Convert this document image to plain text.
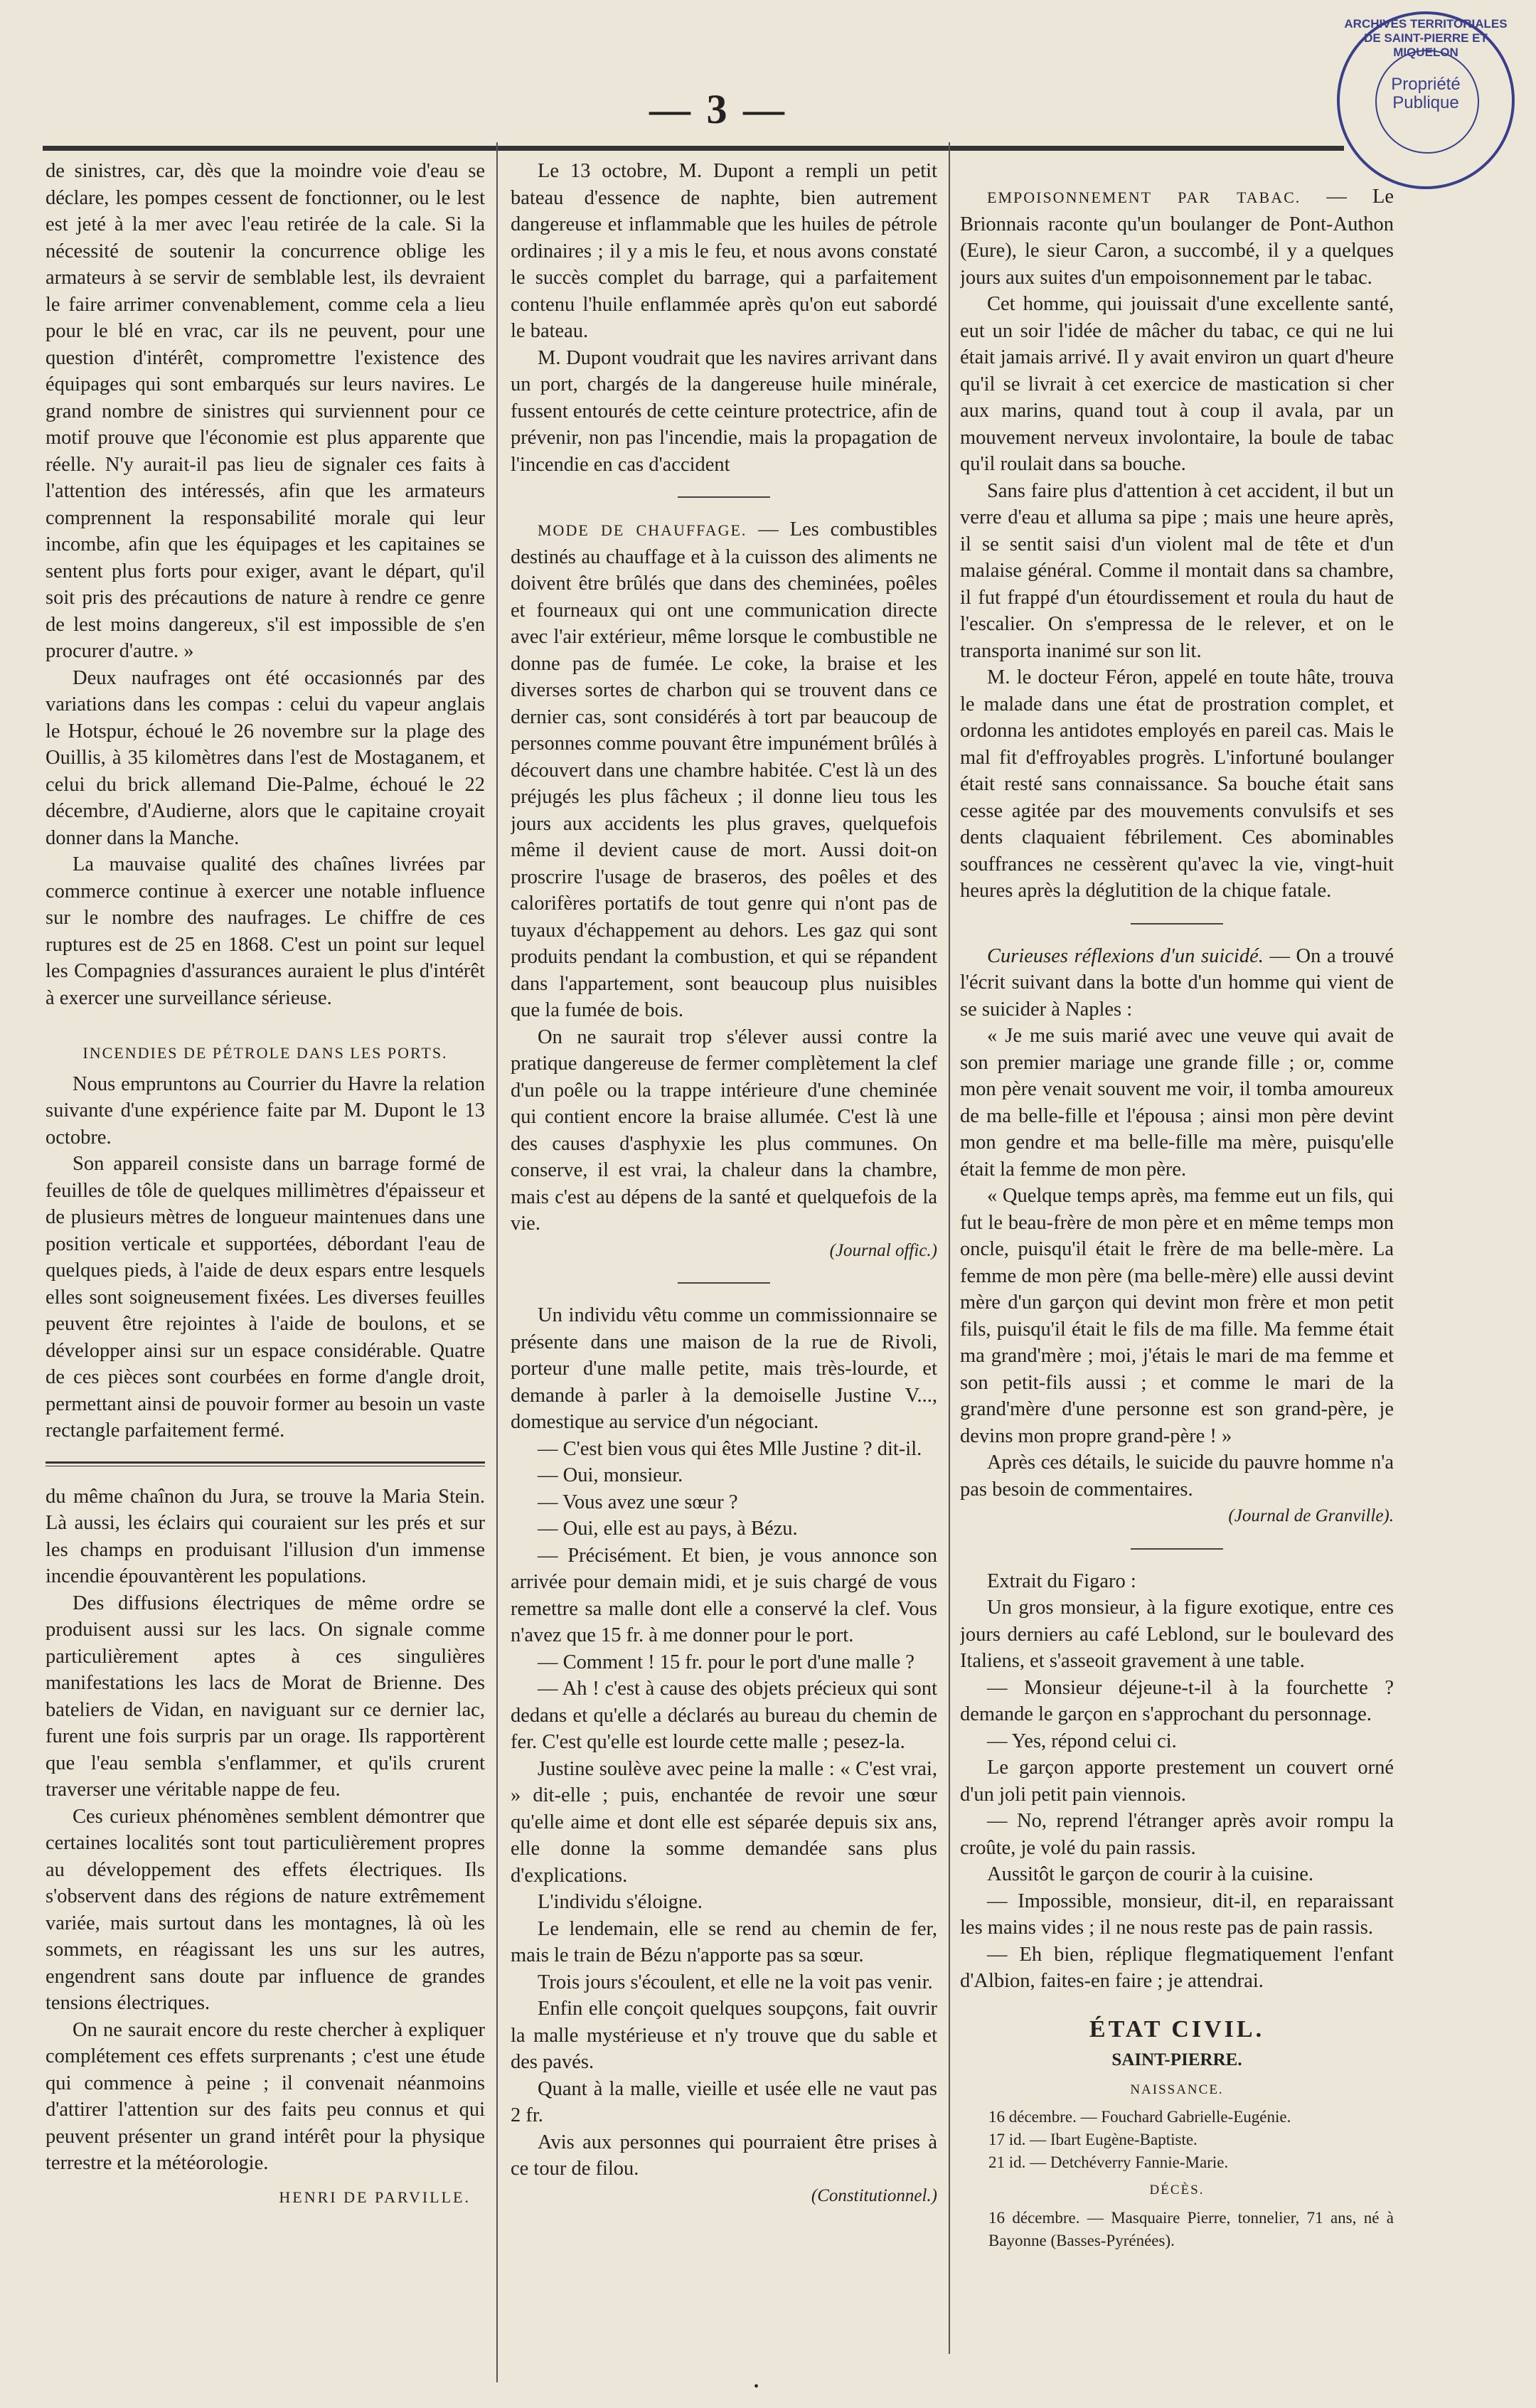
— 3 —
ARCHIVES TERRITORIALES DE SAINT-PIERRE ET MIQUELON
Propriété Publique

de sinistres, car, dès que la moindre voie d'eau se déclare, les pompes cessent de fonctionner, ou le lest est jeté à la mer avec l'eau retirée de la cale. Si la nécessité de soutenir la concurrence oblige les armateurs à se servir de semblable lest, ils devraient le faire arrimer convenablement, comme cela a lieu pour le blé en vrac, car ils ne peuvent, pour une question d'intérêt, compromettre l'existence des équipages qui sont embarqués sur leurs navires. Le grand nombre de sinistres qui surviennent pour ce motif prouve que l'économie est plus apparente que réelle. N'y aurait-il pas lieu de signaler ces faits à l'attention des intéressés, afin que les armateurs comprennent la responsabilité morale qui leur incombe, afin que les équipages et les capitaines se sentent plus forts pour exiger, avant le départ, qu'il soit pris des précautions de nature à rendre ce genre de lest moins dangereux, s'il est impossible de s'en procurer d'autre. »

Deux naufrages ont été occasionnés par des variations dans les compas : celui du vapeur anglais le Hotspur, échoué le 26 novembre sur la plage des Ouillis, à 35 kilomètres dans l'est de Mostaganem, et celui du brick allemand Die-Palme, échoué le 22 décembre, d'Audierne, alors que le capitaine croyait donner dans la Manche.

La mauvaise qualité des chaînes livrées par commerce continue à exercer une notable influence sur le nombre des naufrages. Le chiffre de ces ruptures est de 25 en 1868. C'est un point sur lequel les Compagnies d'assurances auraient le plus d'intérêt à exercer une surveillance sérieuse.

INCENDIES DE PÉTROLE DANS LES PORTS.

Nous empruntons au Courrier du Havre la relation suivante d'une expérience faite par M. Dupont le 13 octobre.

Son appareil consiste dans un barrage formé de feuilles de tôle de quelques millimètres d'épaisseur et de plusieurs mètres de longueur maintenues dans une position verticale et supportées, débordant l'eau de quelques pieds, à l'aide de deux espars entre lesquels elles sont soigneusement fixées. Les diverses feuilles peuvent être rejointes à l'aide de boulons, et se développer ainsi sur un espace considérable. Quatre de ces pièces sont courbées en forme d'angle droit, permettant ainsi de pouvoir former au besoin un vaste rectangle parfaitement fermé.

du même chaînon du Jura, se trouve la Maria Stein. Là aussi, les éclairs qui couraient sur les prés et sur les champs en produisant l'illusion d'un immense incendie épouvantèrent les populations.

Des diffusions électriques de même ordre se produisent aussi sur les lacs. On signale comme particulièrement aptes à ces singulières manifestations les lacs de Morat de Brienne. Des bateliers de Vidan, en naviguant sur ce dernier lac, furent une fois surpris par un orage. Ils rapportèrent que l'eau sembla s'enflammer, et qu'ils crurent traverser une véritable nappe de feu.

Ces curieux phénomènes semblent démontrer que certaines localités sont tout particulièrement propres au développement des effets électriques. Ils s'observent dans des régions de nature extrêmement variée, mais surtout dans les montagnes, là où les sommets, en réagissant les uns sur les autres, engendrent sans doute par influence de grandes tensions électriques.

On ne saurait encore du reste chercher à expliquer complétement ces effets surprenants ; c'est une étude qui commence à peine ; il convenait néanmoins d'attirer l'attention sur des faits peu connus et qui peuvent présenter un grand intérêt pour la physique terrestre et la météorologie.

HENRI DE PARVILLE.

Le 13 octobre, M. Dupont a rempli un petit bateau d'essence de naphte, bien autrement dangereuse et inflammable que les huiles de pétrole ordinaires ; il y a mis le feu, et nous avons constaté le succès complet du barrage, qui a parfaitement contenu l'huile enflammée après qu'on eut sabordé le bateau.

M. Dupont voudrait que les navires arrivant dans un port, chargés de la dangereuse huile minérale, fussent entourés de cette ceinture protectrice, afin de prévenir, non pas l'incendie, mais la propagation de l'incendie en cas d'accident

MODE DE CHAUFFAGE. — Les combustibles destinés au chauffage et à la cuisson des aliments ne doivent être brûlés que dans des cheminées, poêles et fourneaux qui ont une communication directe avec l'air extérieur, même lorsque le combustible ne donne pas de fumée. Le coke, la braise et les diverses sortes de charbon qui se trouvent dans ce dernier cas, sont considérés à tort par beaucoup de personnes comme pouvant être impunément brûlés à découvert dans une chambre habitée. C'est là un des préjugés les plus fâcheux ; il donne lieu tous les jours aux accidents les plus graves, quelquefois même il devient cause de mort. Aussi doit-on proscrire l'usage de braseros, des poêles et des calorifères portatifs de tout genre qui n'ont pas de tuyaux d'échappement au dehors. Les gaz qui sont produits pendant la combustion, et qui se répandent dans l'appartement, sont beaucoup plus nuisibles que la fumée de bois.

On ne saurait trop s'élever aussi contre la pratique dangereuse de fermer complètement la clef d'un poêle ou la trappe intérieure d'une cheminée qui contient encore la braise allumée. C'est là une des causes d'asphyxie les plus communes. On conserve, il est vrai, la chaleur dans la chambre, mais c'est au dépens de la santé et quelquefois de la vie.

(Journal offic.)

Un individu vêtu comme un commissionnaire se présente dans une maison de la rue de Rivoli, porteur d'une malle petite, mais très-lourde, et demande à parler à la demoiselle Justine V..., domestique au service d'un négociant.

— C'est bien vous qui êtes Mlle Justine ? dit-il.

— Oui, monsieur.

— Vous avez une sœur ?

— Oui, elle est au pays, à Bézu.

— Précisément. Et bien, je vous annonce son arrivée pour demain midi, et je suis chargé de vous remettre sa malle dont elle a conservé la clef. Vous n'avez que 15 fr. à me donner pour le port.

— Comment ! 15 fr. pour le port d'une malle ?

— Ah ! c'est à cause des objets précieux qui sont dedans et qu'elle a déclarés au bureau du chemin de fer. C'est qu'elle est lourde cette malle ; pesez-la.

Justine soulève avec peine la malle : « C'est vrai, » dit-elle ; puis, enchantée de revoir une sœur qu'elle aime et dont elle est séparée depuis six ans, elle donne la somme demandée sans plus d'explications.

L'individu s'éloigne.

Le lendemain, elle se rend au chemin de fer, mais le train de Bézu n'apporte pas sa sœur.

Trois jours s'écoulent, et elle ne la voit pas venir.

Enfin elle conçoit quelques soupçons, fait ouvrir la malle mystérieuse et n'y trouve que du sable et des pavés.

Quant à la malle, vieille et usée elle ne vaut pas 2 fr.

Avis aux personnes qui pourraient être prises à ce tour de filou.

(Constitutionnel.)

EMPOISONNEMENT PAR TABAC. — Le Brionnais raconte qu'un boulanger de Pont-Authon (Eure), le sieur Caron, a succombé, il y a quelques jours aux suites d'un empoisonnement par le tabac.

Cet homme, qui jouissait d'une excellente santé, eut un soir l'idée de mâcher du tabac, ce qui ne lui était jamais arrivé. Il y avait environ un quart d'heure qu'il se livrait à cet exercice de mastication si cher aux marins, quand tout à coup il avala, par un mouvement nerveux involontaire, la boule de tabac qu'il roulait dans sa bouche.

Sans faire plus d'attention à cet accident, il but un verre d'eau et alluma sa pipe ; mais une heure après, il se sentit saisi d'un violent mal de tête et d'un malaise général. Comme il montait dans sa chambre, il fut frappé d'un étourdissement et roula du haut de l'escalier. On s'empressa de le relever, et on le transporta inanimé sur son lit.

M. le docteur Féron, appelé en toute hâte, trouva le malade dans une état de prostration complet, et ordonna les antidotes employés en pareil cas. Mais le mal fit d'effroyables progrès. L'infortuné boulanger était resté sans connaissance. Sa bouche était sans cesse agitée par des mouvements convulsifs et ses dents claquaient fébrilement. Ces abominables souffrances ne cessèrent qu'avec la vie, vingt-huit heures après la déglutition de la chique fatale.

Curieuses réflexions d'un suicidé. — On a trouvé l'écrit suivant dans la botte d'un homme qui vient de se suicider à Naples :

« Je me suis marié avec une veuve qui avait de son premier mariage une grande fille ; or, comme mon père venait souvent me voir, il tomba amoureux de ma belle-fille et l'épousa ; ainsi mon père devint mon gendre et ma belle-fille ma mère, puisqu'elle était la femme de mon père.

« Quelque temps après, ma femme eut un fils, qui fut le beau-frère de mon père et en même temps mon oncle, puisqu'il était le frère de ma belle-mère. La femme de mon père (ma belle-mère) elle aussi devint mère d'un garçon qui devint mon frère et mon petit fils, puisqu'il était le fils de ma fille. Ma femme était ma grand'mère ; moi, j'étais le mari de ma femme et son petit-fils aussi ; et comme le mari de la grand'mère d'une personne est son grand-père, je devins mon propre grand-père ! »

Après ces détails, le suicide du pauvre homme n'a pas besoin de commentaires.

(Journal de Granville).

Extrait du Figaro :

Un gros monsieur, à la figure exotique, entre ces jours derniers au café Leblond, sur le boulevard des Italiens, et s'asseoit gravement à une table.

— Monsieur déjeune-t-il à la fourchette ? demande le garçon en s'approchant du personnage.

— Yes, répond celui ci.

Le garçon apporte prestement un couvert orné d'un joli petit pain viennois.

— No, reprend l'étranger après avoir rompu la croûte, je volé du pain rassis.

Aussitôt le garçon de courir à la cuisine.

— Impossible, monsieur, dit-il, en reparaissant les mains vides ; il ne nous reste pas de pain rassis.

— Eh bien, réplique flegmatiquement l'enfant d'Albion, faites-en faire ; je attendrai.

ÉTAT CIVIL.
SAINT-PIERRE.
NAISSANCE.
16 décembre. — Fouchard Gabrielle-Eugénie.
17 id. — Ibart Eugène-Baptiste.
21 id. — Detchéverry Fannie-Marie.
DÉCÈS.
16 décembre. — Masquaire Pierre, tonnelier, 71 ans, né à Bayonne (Basses-Pyrénées).
•
